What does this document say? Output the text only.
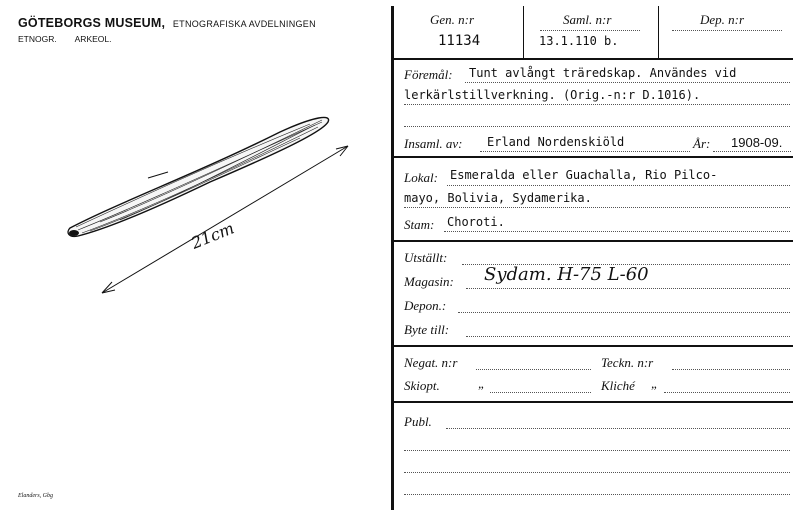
GÖTEBORGS MUSEUM, ETNOGRAFISKA AVDELNINGEN
ETNOGR. ARKEOL.
21cm
Elanders, Gbg
Gen. n:r
11134
Saml. n:r
13.1.110 b.
Dep. n:r
Föremål: Tunt avlångt träredskap. Användes vid
lerkärlstillverkning. (Orig.-n:r D.1016).
Insaml. av: Erland Nordenskiöld	År: 1908-09.
Lokal: Esmeralda eller Guachalla, Rio Pilco-
mayo, Bolivia, Sydamerika.
Stam: Choroti.
Utställt:
Magasin: Sydam. H-75 L-60
Depon.:
Byte till:
Negat. n:r	Teckn. n:r
Skiopt.	„	Kliché „
Publ.
